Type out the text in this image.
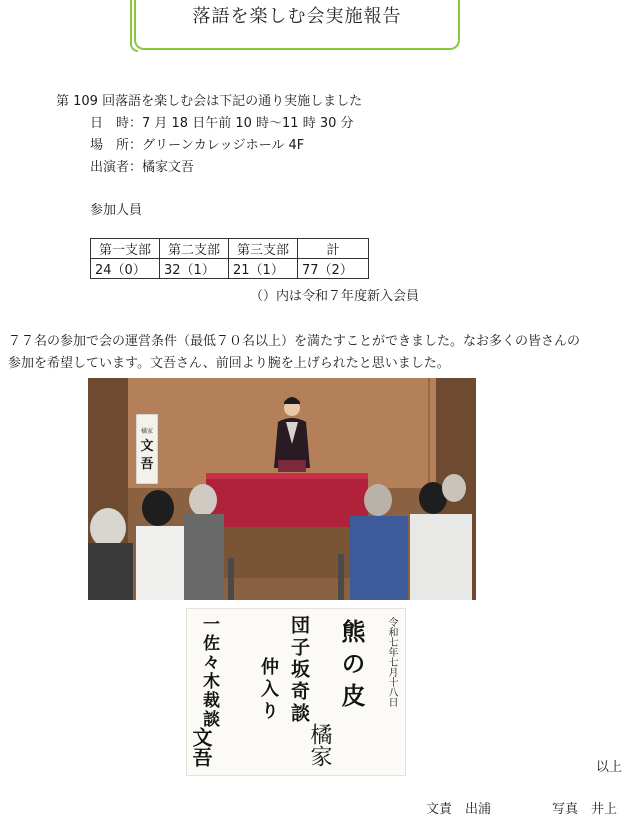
落語を楽しむ会実施報告
第 109 回落語を楽しむ会は下記の通り実施しました
日　時：7 月 18 日午前 10 時～11 時 30 分
場　所：グリーンカレッジホール 4F
出演者：橘家文吾
参加人員
第一支部	第二支部	第三支部	計
24（0）	32（1）	21（1）	77（2）
（）内は令和７年度新入会員
７７名の参加で会の運営条件（最低７０名以上）を満たすことができました。なお多くの皆さんの
参加を希望しています。文吾さん、前回より腕を上げられたと思いました。
橘家
文
吾
令和七年七月十八日
熊の皮
団子坂奇談
仲入り
橘家
一佐々木裁談
文吾
以上
文責　出浦	写真　井上
